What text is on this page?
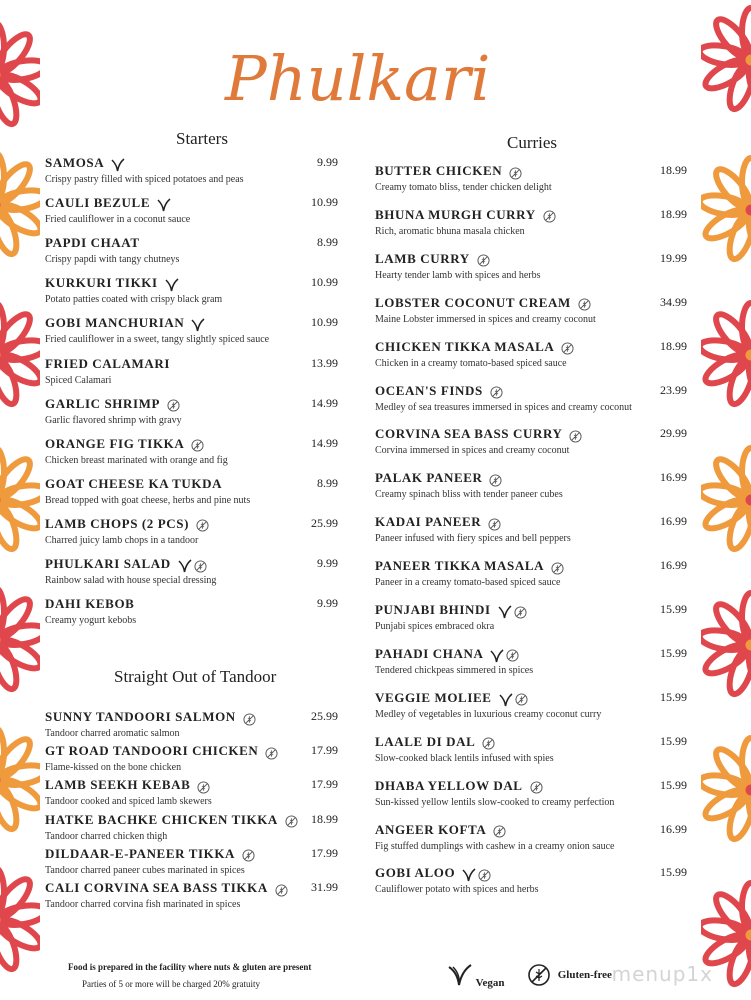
Phulkari
Starters	Curries
Straight Out of Tandoor
SAMOSA	9.99
Crispy pastry filled with spiced potatoes and peas
CAULI BEZULE	10.99
Fried cauliflower in a coconut sauce
PAPDI CHAAT	8.99
Crispy papdi with tangy chutneys
KURKURI TIKKI	10.99
Potato patties coated with crispy black gram
GOBI MANCHURIAN	10.99
Fried cauliflower in a sweet, tangy slightly spiced sauce
FRIED CALAMARI	13.99
Spiced Calamari
GARLIC SHRIMP	14.99
Garlic flavored shrimp with gravy
ORANGE FIG TIKKA	14.99
Chicken breast marinated with orange and fig
GOAT CHEESE KA TUKDA	8.99
Bread topped with goat cheese, herbs and pine nuts
LAMB CHOPS (2 PCS)	25.99
Charred juicy lamb chops in a tandoor
PHULKARI SALAD	9.99
Rainbow salad with house special dressing
DAHI KEBOB	9.99
Creamy yogurt kebobs
SUNNY TANDOORI SALMON	25.99
Tandoor charred aromatic salmon
GT ROAD TANDOORI CHICKEN	17.99
Flame-kissed on the bone chicken
LAMB SEEKH KEBAB	17.99
Tandoor cooked and spiced lamb skewers
HATKE BACHKE CHICKEN TIKKA	18.99
Tandoor charred chicken thigh
DILDAAR-E-PANEER TIKKA	17.99
Tandoor charred paneer cubes marinated in spices
CALI CORVINA SEA BASS TIKKA	31.99
Tandoor charred corvina fish marinated in spices
BUTTER CHICKEN	18.99
Creamy tomato bliss, tender chicken delight
BHUNA MURGH CURRY	18.99
Rich, aromatic bhuna masala chicken
LAMB CURRY	19.99
Hearty tender lamb with spices and herbs
LOBSTER COCONUT CREAM	34.99
Maine Lobster immersed in spices and creamy coconut
CHICKEN TIKKA MASALA	18.99
Chicken in a creamy tomato-based spiced sauce
OCEAN'S FINDS	23.99
Medley of sea treasures immersed in spices and creamy coconut
CORVINA SEA BASS CURRY	29.99
Corvina immersed in spices and creamy coconut
PALAK PANEER	16.99
Creamy spinach bliss with tender paneer cubes
KADAI PANEER	16.99
Paneer infused with fiery spices and bell peppers
PANEER TIKKA MASALA	16.99
Paneer in a creamy tomato-based spiced sauce
PUNJABI BHINDI	15.99
Punjabi spices embraced okra
PAHADI CHANA	15.99
Tendered chickpeas simmered in spices
VEGGIE MOLIEE	15.99
Medley of vegetables in luxurious creamy coconut curry
LAALE DI DAL	15.99
Slow-cooked black lentils infused with spies
DHABA YELLOW DAL	15.99
Sun-kissed yellow lentils slow-cooked to creamy perfection
ANGEER KOFTA	16.99
Fig stuffed dumplings with cashew in a creamy onion sauce
GOBI ALOO	15.99
Cauliflower potato with spices and herbs
Food is prepared in the facility where nuts & gluten are present
Parties of 5 or more will be charged 20% gratuity	Vegan
Gluten-free menup1x
